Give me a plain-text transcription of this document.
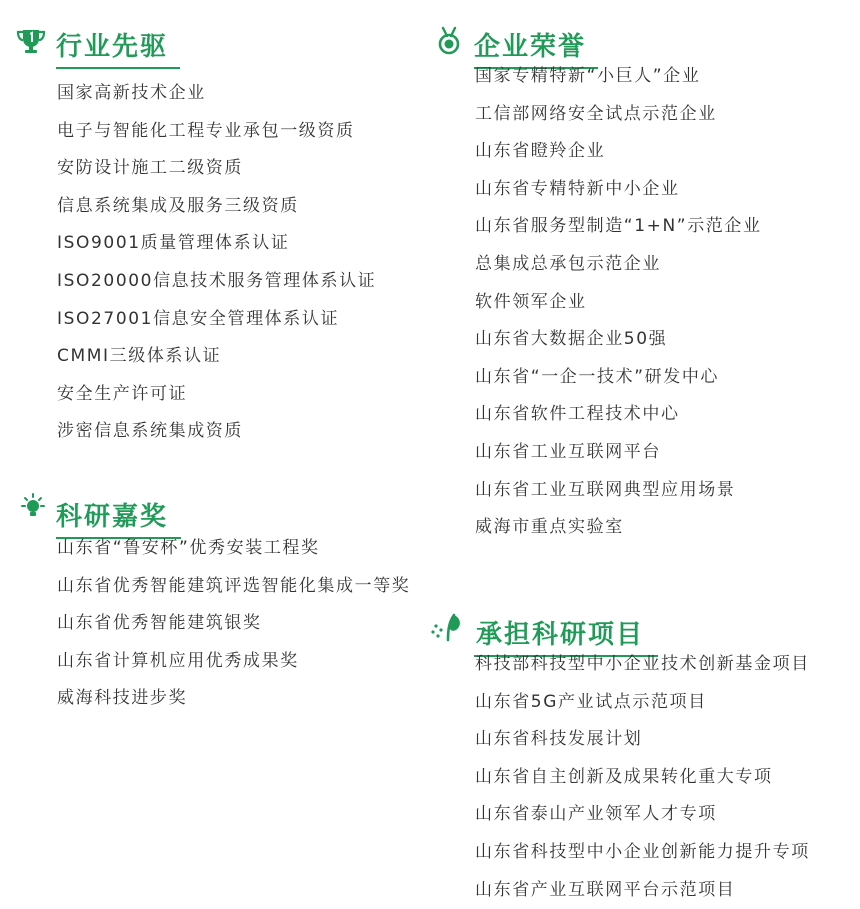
行业先驱
国家高新技术企业
电子与智能化工程专业承包一级资质
安防设计施工二级资质
信息系统集成及服务三级资质
ISO9001质量管理体系认证
ISO20000信息技术服务管理体系认证
ISO27001信息安全管理体系认证
CMMI三级体系认证
安全生产许可证
涉密信息系统集成资质
科研嘉奖
山东省“鲁安杯”优秀安装工程奖
山东省优秀智能建筑评选智能化集成一等奖
山东省优秀智能建筑银奖
山东省计算机应用优秀成果奖
威海科技进步奖
企业荣誉
国家专精特新“小巨人”企业
工信部网络安全试点示范企业
山东省瞪羚企业
山东省专精特新中小企业
山东省服务型制造“1+N”示范企业
总集成总承包示范企业
软件领军企业
山东省大数据企业50强
山东省“一企一技术”研发中心
山东省软件工程技术中心
山东省工业互联网平台
山东省工业互联网典型应用场景
威海市重点实验室
承担科研项目
科技部科技型中小企业技术创新基金项目
山东省5G产业试点示范项目
山东省科技发展计划
山东省自主创新及成果转化重大专项
山东省泰山产业领军人才专项
山东省科技型中小企业创新能力提升专项
山东省产业互联网平台示范项目
